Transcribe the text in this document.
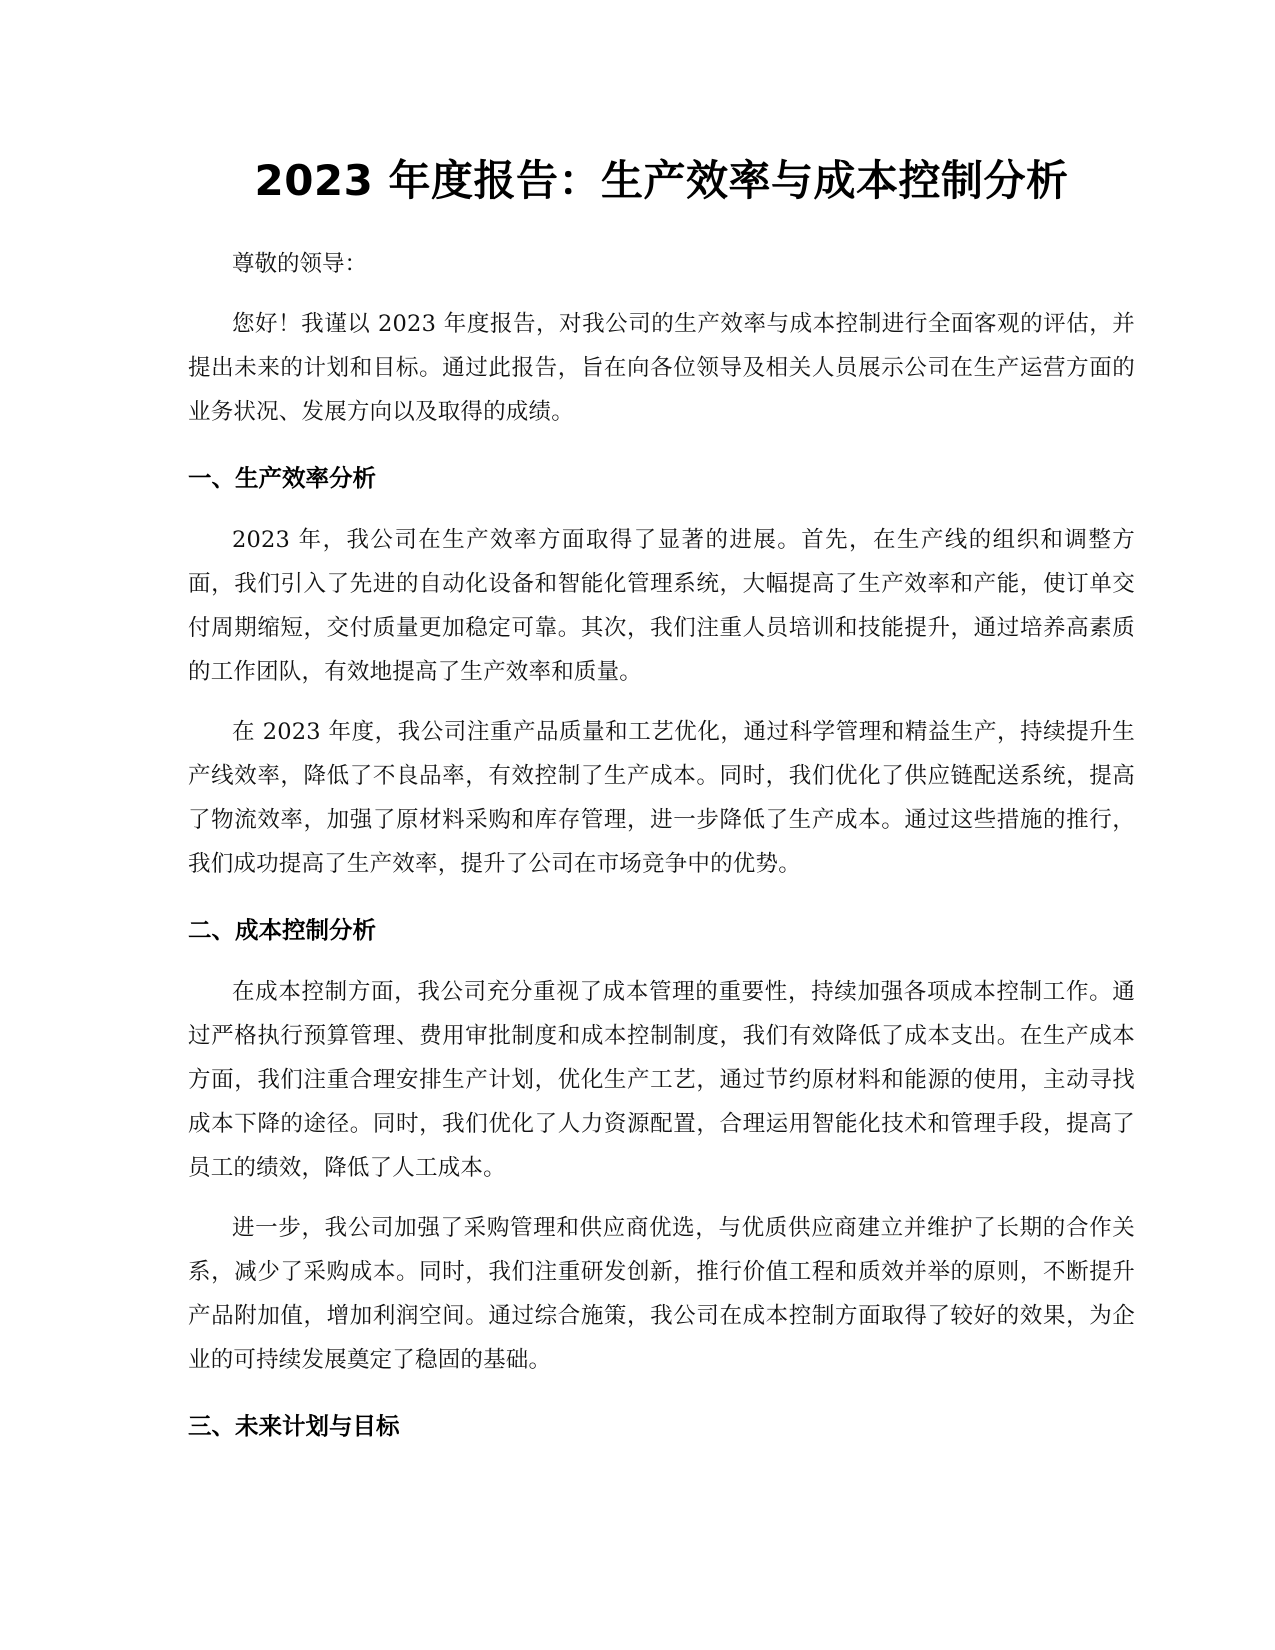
2023 年度报告：生产效率与成本控制分析

尊敬的领导：

您好！我谨以 2023 年度报告，对我公司的生产效率与成本控制进行全面客观的评估，并提出未来的计划和目标。通过此报告，旨在向各位领导及相关人员展示公司在生产运营方面的业务状况、发展方向以及取得的成绩。

一、生产效率分析

2023 年，我公司在生产效率方面取得了显著的进展。首先，在生产线的组织和调整方面，我们引入了先进的自动化设备和智能化管理系统，大幅提高了生产效率和产能，使订单交付周期缩短，交付质量更加稳定可靠。其次，我们注重人员培训和技能提升，通过培养高素质的工作团队，有效地提高了生产效率和质量。

在 2023 年度，我公司注重产品质量和工艺优化，通过科学管理和精益生产，持续提升生产线效率，降低了不良品率，有效控制了生产成本。同时，我们优化了供应链配送系统，提高了物流效率，加强了原材料采购和库存管理，进一步降低了生产成本。通过这些措施的推行，我们成功提高了生产效率，提升了公司在市场竞争中的优势。

二、成本控制分析

在成本控制方面，我公司充分重视了成本管理的重要性，持续加强各项成本控制工作。通过严格执行预算管理、费用审批制度和成本控制制度，我们有效降低了成本支出。在生产成本方面，我们注重合理安排生产计划，优化生产工艺，通过节约原材料和能源的使用，主动寻找成本下降的途径。同时，我们优化了人力资源配置，合理运用智能化技术和管理手段，提高了员工的绩效，降低了人工成本。

进一步，我公司加强了采购管理和供应商优选，与优质供应商建立并维护了长期的合作关系，减少了采购成本。同时，我们注重研发创新，推行价值工程和质效并举的原则，不断提升产品附加值，增加利润空间。通过综合施策，我公司在成本控制方面取得了较好的效果，为企业的可持续发展奠定了稳固的基础。

三、未来计划与目标
